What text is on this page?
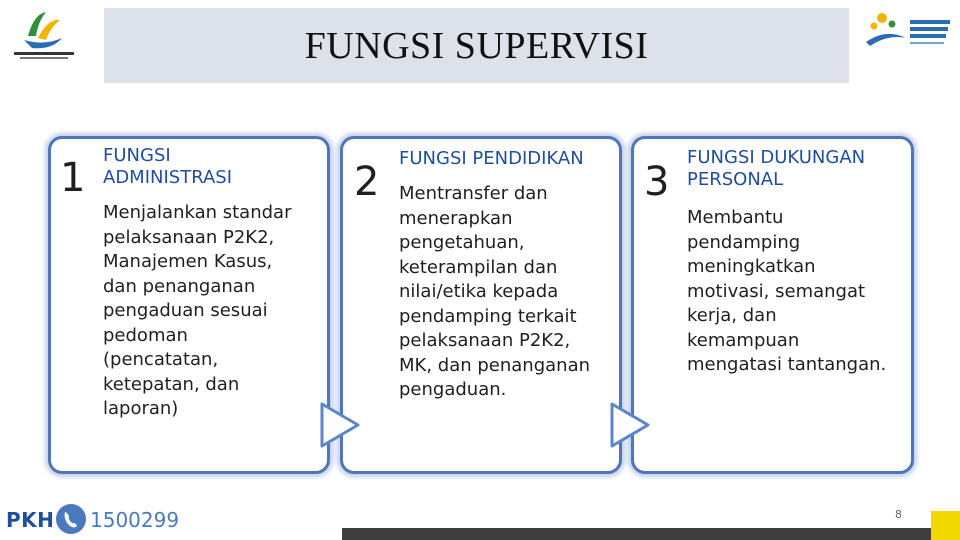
FUNGSI SUPERVISI
1 FUNGSI
ADMINISTRASI
Menjalankan standar
pelaksanaan P2K2,
Manajemen Kasus,
dan penanganan
pengaduan sesuai
pedoman
(pencatatan,
ketepatan, dan
laporan)
2
FUNGSI PENDIDIKAN
Mentransfer dan
menerapkan
pengetahuan,
keterampilan dan
nilai/etika kepada
pendamping terkait
pelaksanaan P2K2,
MK, dan penanganan
pengaduan.
3
FUNGSI DUKUNGAN
PERSONAL
Membantu
pendamping
meningkatkan
motivasi, semangat
kerja, dan
kemampuan
mengatasi tantangan.
PKH 1500299	8
